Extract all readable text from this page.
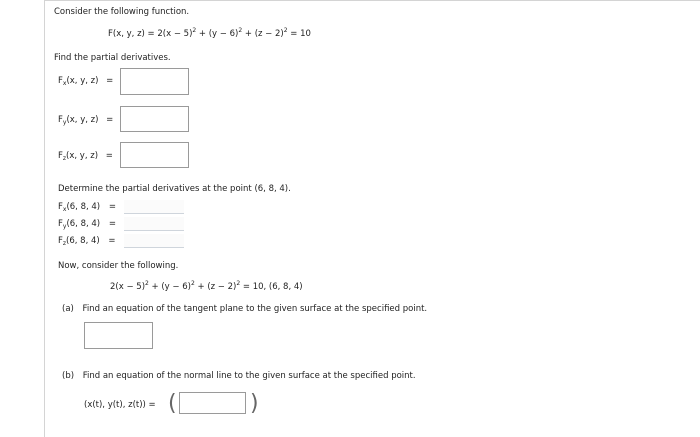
Consider the following function.
F(x, y, $z) = 2(x - 5)^2 + (y - 6)^2 + (z - 2)^2 = 10$
Find the partial derivatives.
$F_x(x$, y, z) =
$F_y(x$, y, z) =
$F_z(x$, y, z) =
Determine the partial derivatives at the point (6, 8, 4).
$F_x(6$, 8, 4) =
$F_y(6$, 8, 4) =
$F_z(6$, 8, 4) =
Now, consider the following.
$2(x - 5)^2 + (y - 6)^2 + (z - 2)^2 = 10$, (6, 8, 4)
(a) Find an equation of the tangent plane to the given surface at the specified point.
(b) Find an equation of the normal line to the given surface at the specified point.
(x(t), y(t), z(t)) = (	)
